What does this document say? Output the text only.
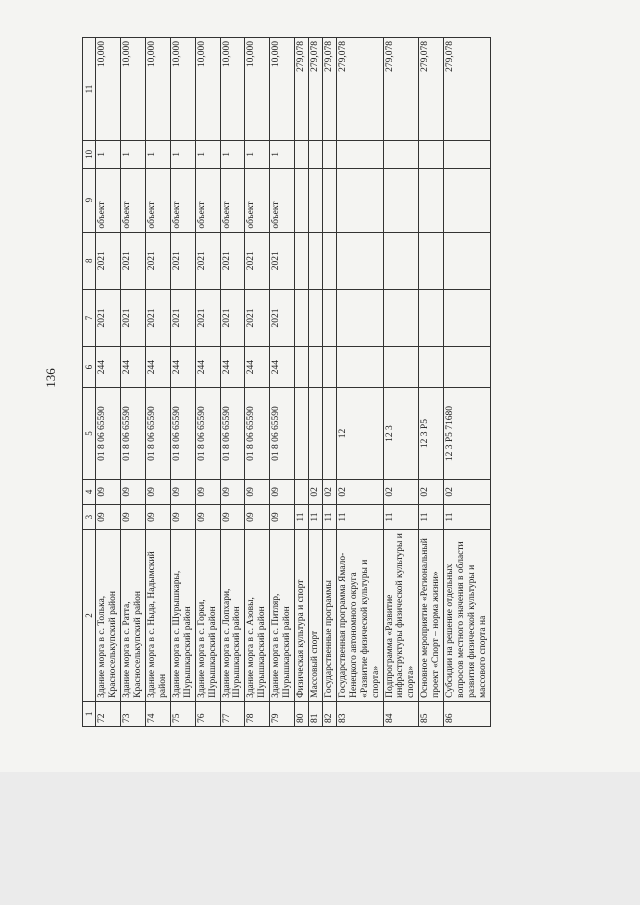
136
1	2	3	4	5	6	7	8	9	10	11
72	Здание морга в с. Толька, Красноселькупский район	09	09	01 8 06 65590	244	2021	2021	объект	1	10,000
73	Здание морга в с. Ратта, Красноселькупский район	09	09	01 8 06 65590	244	2021	2021	объект	1	10,000
74	Здание морга в с. Ныда, Надымский район	09	09	01 8 06 65590	244	2021	2021	объект	1	10,000
75	Здание морга в с. Шурышкары, Шурышкарский район	09	09	01 8 06 65590	244	2021	2021	объект	1	10,000
76	Здание морга в с. Горки, Шурышкарский район	09	09	01 8 06 65590	244	2021	2021	объект	1	10,000
77	Здание морга в с. Лопхари, Шурышкарский район	09	09	01 8 06 65590	244	2021	2021	объект	1	10,000
78	Здание морга в с. Азовы, Шурышкарский район	09	09	01 8 06 65590	244	2021	2021	объект	1	10,000
79	Здание морга в с. Питляр, Шурышкарский район	09	09	01 8 06 65590	244	2021	2021	объект	1	10,000
80	Физическая культура и спорт	11								279,078
81	Массовый спорт	11	02							279,078
82	Государственные программы	11	02							279,078
83	Государственная программа Ямало-Ненецкого автономного округа «Развитие физической культуры и спорта»	11	02	12						279,078
84	Подпрограмма «Развитие инфраструктуры физической культуры и спорта»	11	02	12 3						279,078
85	Основное мероприятие «Региональный проект «Спорт – норма жизни»	11	02	12 3 P5						279,078
86	Субсидии на решение отдельных вопросов местного значения в области развития физической культуры и массового спорта на	11	02	12 3 P5 71680						279,078
